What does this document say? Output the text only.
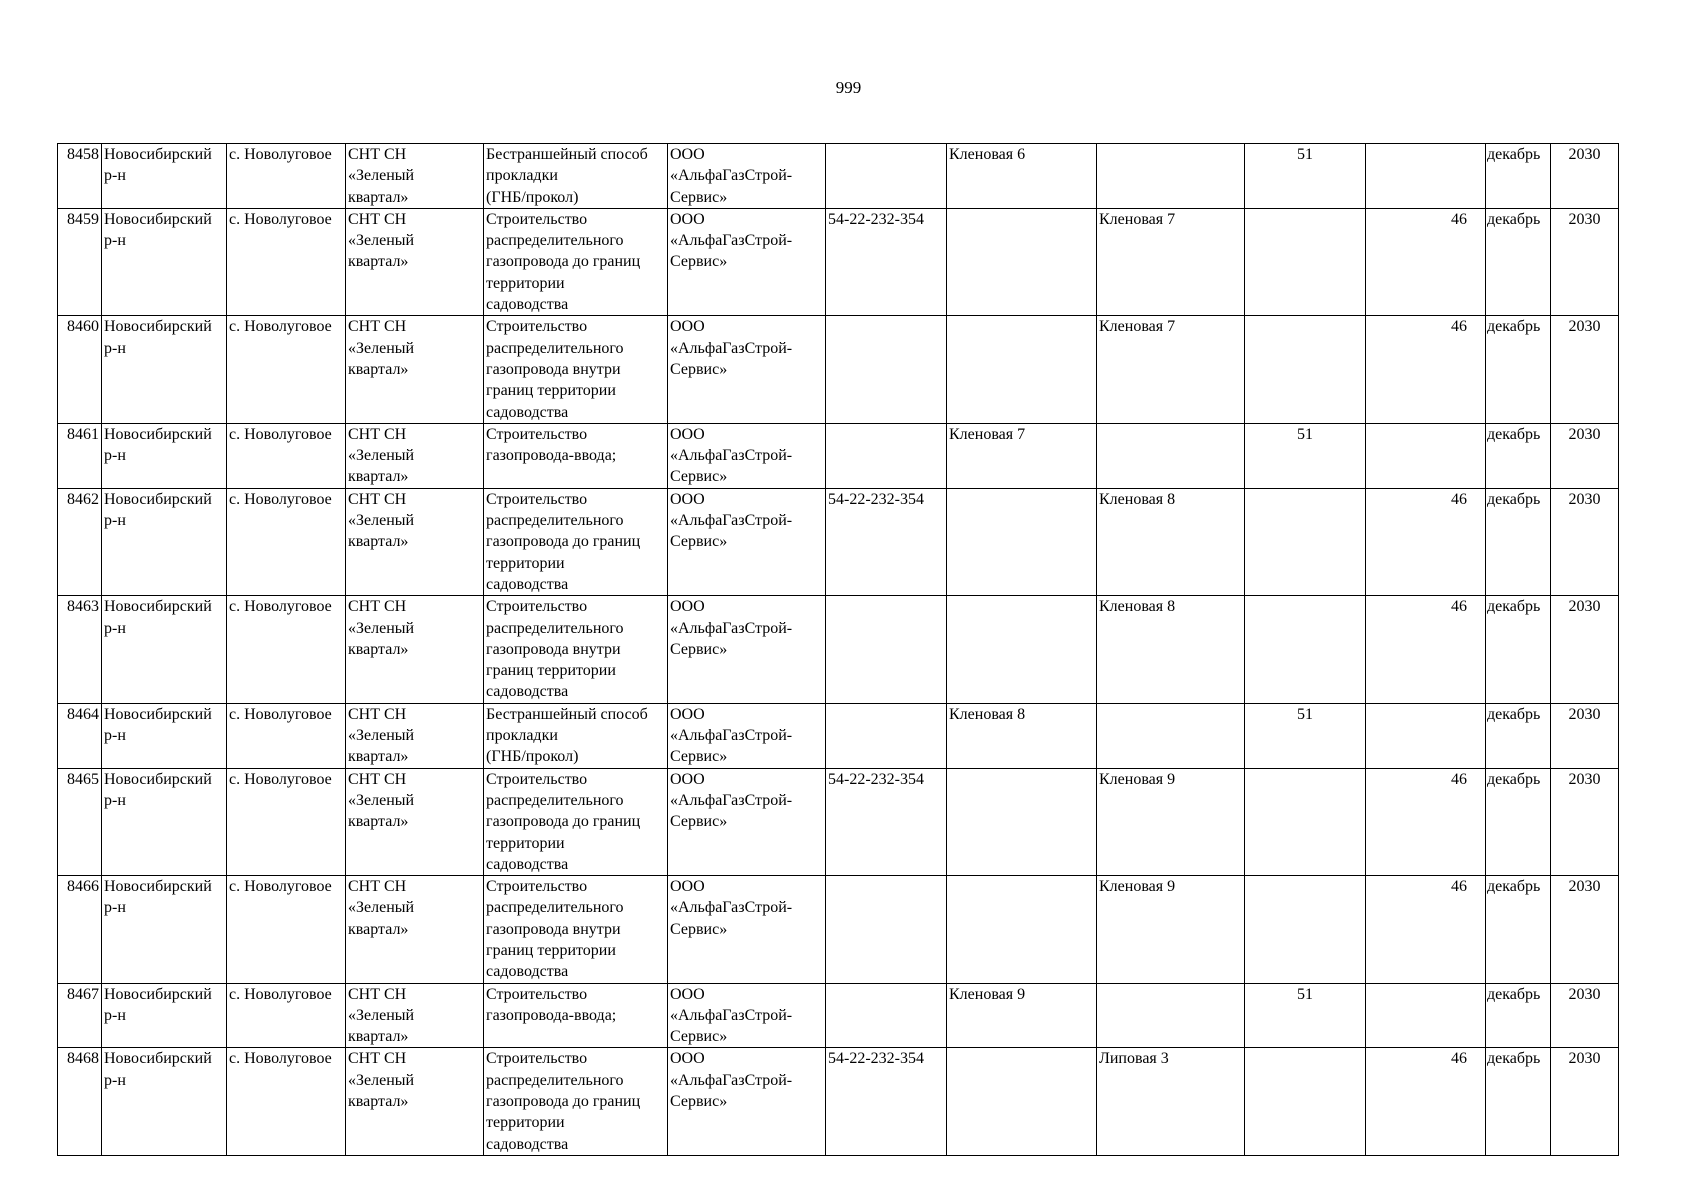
999
8458	Новосибирский
р-н	с. Новолуговое	СНТ СН
«Зеленый
квартал»	Бестраншейный способ
прокладки
(ГНБ/прокол)	ООО
«АльфаГазСтрой-
Сервис»		Кленовая 6		51		декабрь	2030
8459	Новосибирский
р-н	с. Новолуговое	СНТ СН
«Зеленый
квартал»	Строительство
распределительного
газопровода до границ
территории
садоводства	ООО
«АльфаГазСтрой-
Сервис»	54-22-232-354		Кленовая 7		46	декабрь	2030
8460	Новосибирский
р-н	с. Новолуговое	СНТ СН
«Зеленый
квартал»	Строительство
распределительного
газопровода внутри
границ территории
садоводства	ООО
«АльфаГазСтрой-
Сервис»			Кленовая 7		46	декабрь	2030
8461	Новосибирский
р-н	с. Новолуговое	СНТ СН
«Зеленый
квартал»	Строительство
газопровода-ввода;	ООО
«АльфаГазСтрой-
Сервис»		Кленовая 7		51		декабрь	2030
8462	Новосибирский
р-н	с. Новолуговое	СНТ СН
«Зеленый
квартал»	Строительство
распределительного
газопровода до границ
территории
садоводства	ООО
«АльфаГазСтрой-
Сервис»	54-22-232-354		Кленовая 8		46	декабрь	2030
8463	Новосибирский
р-н	с. Новолуговое	СНТ СН
«Зеленый
квартал»	Строительство
распределительного
газопровода внутри
границ территории
садоводства	ООО
«АльфаГазСтрой-
Сервис»			Кленовая 8		46	декабрь	2030
8464	Новосибирский
р-н	с. Новолуговое	СНТ СН
«Зеленый
квартал»	Бестраншейный способ
прокладки
(ГНБ/прокол)	ООО
«АльфаГазСтрой-
Сервис»		Кленовая 8		51		декабрь	2030
8465	Новосибирский
р-н	с. Новолуговое	СНТ СН
«Зеленый
квартал»	Строительство
распределительного
газопровода до границ
территории
садоводства	ООО
«АльфаГазСтрой-
Сервис»	54-22-232-354		Кленовая 9		46	декабрь	2030
8466	Новосибирский
р-н	с. Новолуговое	СНТ СН
«Зеленый
квартал»	Строительство
распределительного
газопровода внутри
границ территории
садоводства	ООО
«АльфаГазСтрой-
Сервис»			Кленовая 9		46	декабрь	2030
8467	Новосибирский
р-н	с. Новолуговое	СНТ СН
«Зеленый
квартал»	Строительство
газопровода-ввода;	ООО
«АльфаГазСтрой-
Сервис»		Кленовая 9		51		декабрь	2030
8468	Новосибирский
р-н	с. Новолуговое	СНТ СН
«Зеленый
квартал»	Строительство
распределительного
газопровода до границ
территории
садоводства	ООО
«АльфаГазСтрой-
Сервис»	54-22-232-354		Липовая 3		46	декабрь	2030
